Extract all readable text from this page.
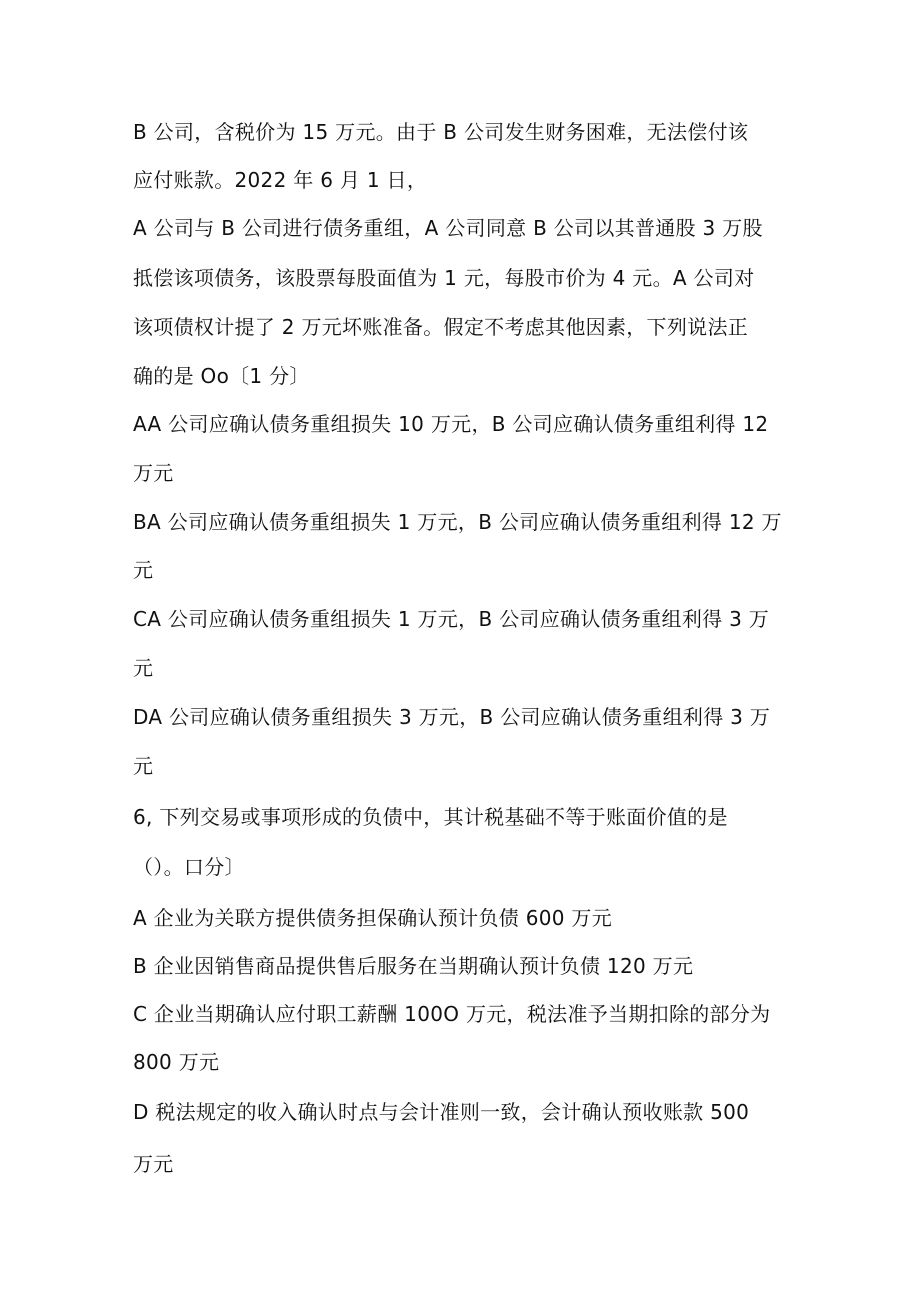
B 公司，含税价为 15 万元。由于 B 公司发生财务困难，无法偿付该
应付账款。2022 年 6 月 1 日，
A 公司与 B 公司进行债务重组，A 公司同意 B 公司以其普通股 3 万股
抵偿该项债务，该股票每股面值为 1 元，每股市价为 4 元。A 公司对
该项债权计提了 2 万元坏账准备。假定不考虑其他因素，下列说法正
确的是 Oo〔1 分〕
AA 公司应确认债务重组损失 10 万元，B 公司应确认债务重组利得 12
万元
BA 公司应确认债务重组损失 1 万元，B 公司应确认债务重组利得 12 万
元
CA 公司应确认债务重组损失 1 万元，B 公司应确认债务重组利得 3 万
元
DA 公司应确认债务重组损失 3 万元，B 公司应确认债务重组利得 3 万
元
6, 下列交易或事项形成的负债中，其计税基础不等于账面价值的是
（）。口分〕
A 企业为关联方提供债务担保确认预计负债 600 万元
B 企业因销售商品提供售后服务在当期确认预计负债 120 万元
C 企业当期确认应付职工薪酬 100O 万元，税法准予当期扣除的部分为
800 万元
D 税法规定的收入确认时点与会计准则一致，会计确认预收账款 500
万元
